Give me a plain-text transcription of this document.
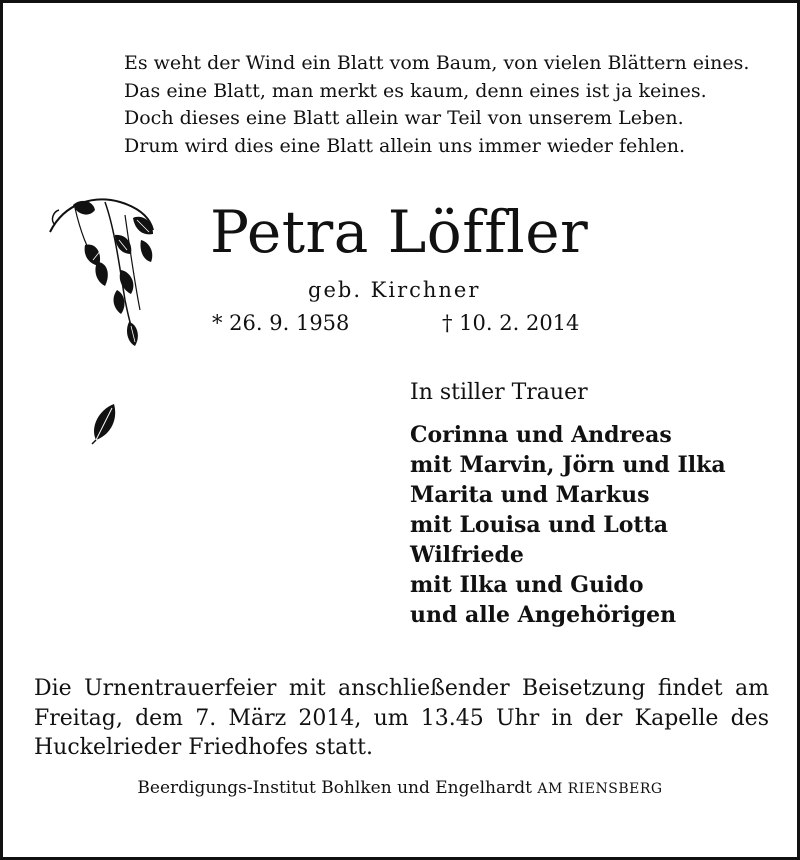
Es weht der Wind ein Blatt vom Baum, von vielen Blättern eines.
Das eine Blatt, man merkt es kaum, denn eines ist ja keines.
Doch dieses eine Blatt allein war Teil von unserem Leben.
Drum wird dies eine Blatt allein uns immer wieder fehlen.
Petra Löffler
geb. Kirchner
* 26. 9. 1958	† 10. 2. 2014
In stiller Trauer
Corinna und Andreas
mit Marvin, Jörn und Ilka
Marita und Markus
mit Louisa und Lotta
Wilfriede
mit Ilka und Guido
und alle Angehörigen
Die Urnentrauerfeier mit anschließender Beisetzung findet am
Freitag, dem 7. März 2014, um 13.45 Uhr in der Kapelle des
Huckelrieder Friedhofes statt.
Beerdigungs-Institut Bohlken und Engelhardt AM RIENSBERG
